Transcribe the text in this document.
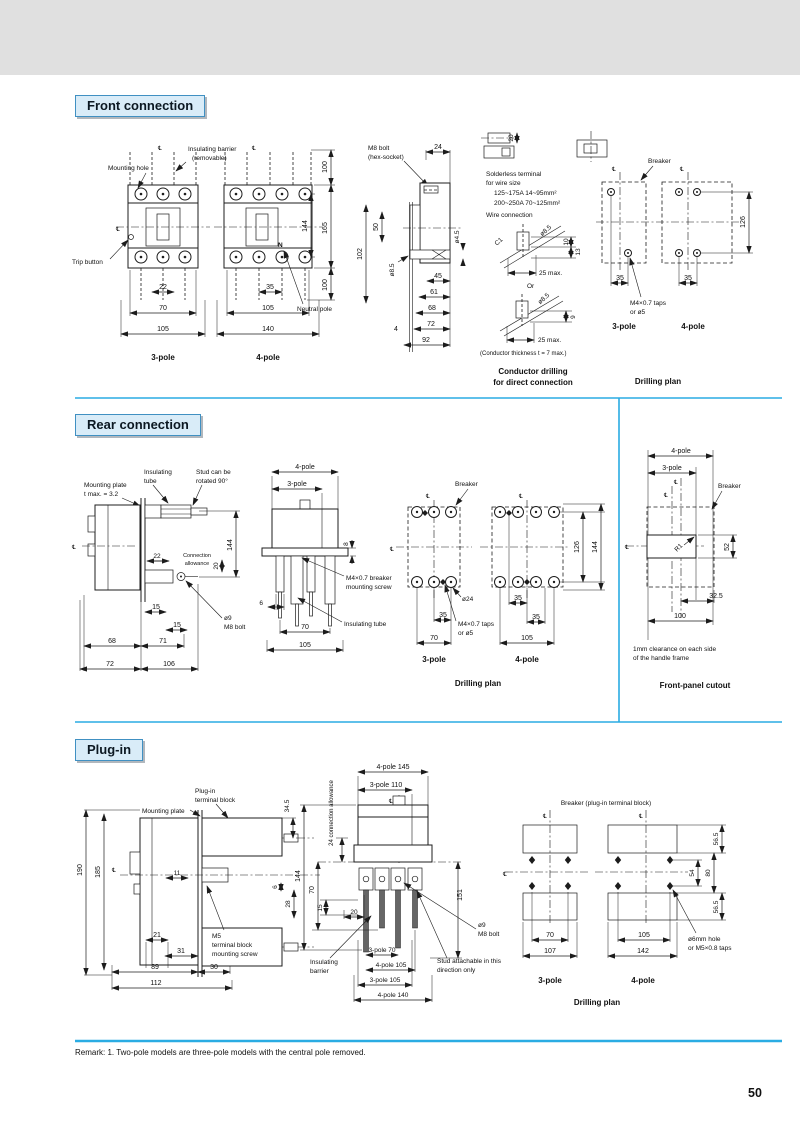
℄
℄
22
70
105
3-pole
Mounting hole
Trip button
℄
Insulating barrier
(removable)
N
Neutral pole
100
144 165
100
35
105
140
4-pole
M8 bolt
(hex-socket)
24
102
50
ø8.5
ø4.5
45
61
68
72
92
4
20
Solderless terminal
for wire size
125~175A 14~95mm²
200~250A 70~125mm²
Wire connection
ø8.5
C1	10
13
25 max.
Or
ø8.5
9
25 max.
(Conductor thickness t = 7 max.)
Conductor drilling
for direct connection
Breaker
℄	℄
126
35	35
M4×0.7 taps
or ø5
3-pole	4-pole
Drilling plan
Mounting plate
t max. = 3.2
Insulating
tube
Stud can be
rotated 90°
℄
22	Connection
allowance 20
144
15
15
ø9
M8 bolt
68	71
72	106
4-pole
3-pole
8
M4×0.7 breaker
mounting screw
Insulating tube
6
70
105
Breaker
℄
℄
ø24
35
70
M4×0.7 taps
or ø5
3-pole
℄
35
35
105
126 144
4-pole
Drilling plan
4-pole
3-pole
Breaker
℄
℄
℄	R1	52
32.5
100
1mm clearance on each side
of the handle frame
Front-panel cutout
Plug-in
terminal block
Mounting plate
℄
34.5
190 185	11
6
28
21
31
89	30
112
M5
terminal block
mounting screw
4-pole 145
3-pole 110
℄
24 connection allowance
144
70
15
20
151
ø9
M8 bolt
3-pole 70
4-pole 105
3-pole 105
4-pole 140
Insulating
barrier
Stud attachable in this
direction only
Breaker (plug-in terminal block)
℄
℄
70
107
℄
105
142
56.5
54 80
56.5
ø6mm hole
or M5×0.8 taps
3-pole	4-pole
Drilling plan
Front connection
Rear connection
Plug-in
Remark: 1. Two-pole models are three-pole models with the central pole removed.
50
